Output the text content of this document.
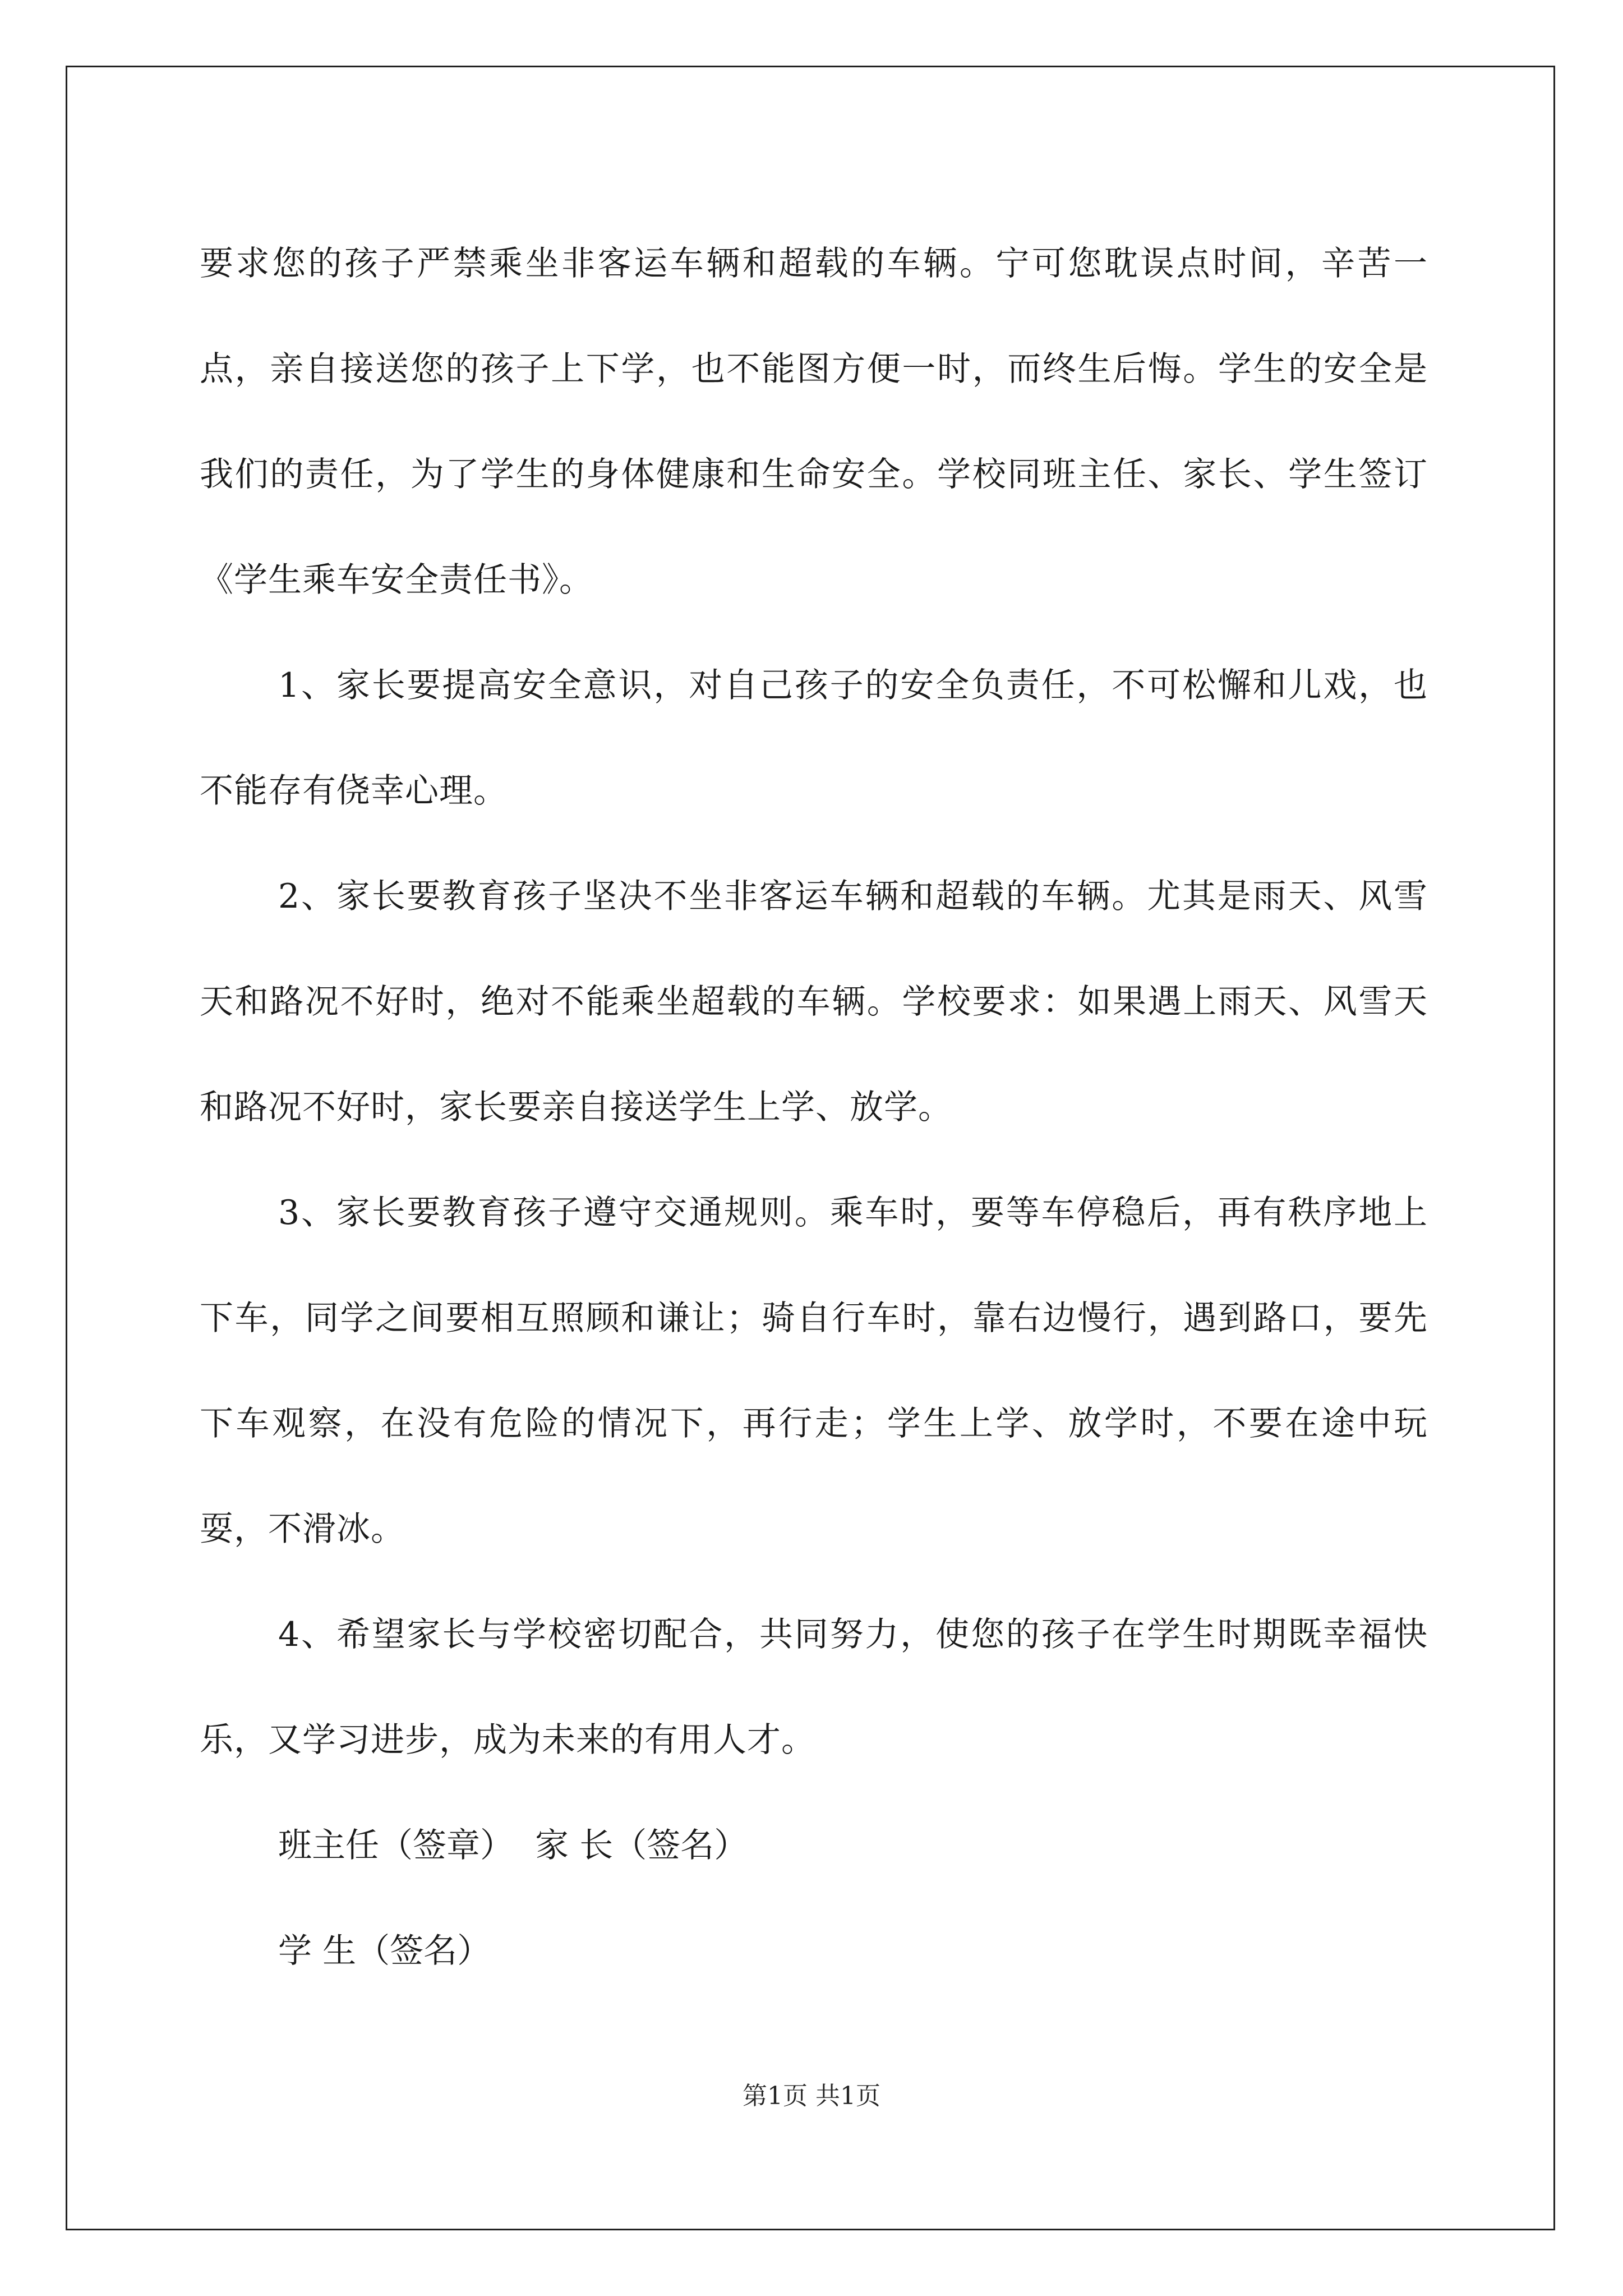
要求您的孩子严禁乘坐非客运车辆和超载的车辆。宁可您耽误点时间，辛苦一点，亲自接送您的孩子上下学，也不能图方便一时，而终生后悔。学生的安全是我们的责任，为了学生的身体健康和生命安全。学校同班主任、家长、学生签订《学生乘车安全责任书》。

1、家长要提高安全意识，对自己孩子的安全负责任，不可松懈和儿戏，也不能存有侥幸心理。

2、家长要教育孩子坚决不坐非客运车辆和超载的车辆。尤其是雨天、风雪天和路况不好时，绝对不能乘坐超载的车辆。学校要求：如果遇上雨天、风雪天和路况不好时，家长要亲自接送学生上学、放学。

3、家长要教育孩子遵守交通规则。乘车时，要等车停稳后，再有秩序地上下车，同学之间要相互照顾和谦让；骑自行车时，靠右边慢行，遇到路口，要先下车观察，在没有危险的情况下，再行走；学生上学、放学时，不要在途中玩耍，不滑冰。

4、希望家长与学校密切配合，共同努力，使您的孩子在学生时期既幸福快乐，又学习进步，成为未来的有用人才。

班主任（签章）  家 长（签名）

学 生（签名）

第1页 共1页
